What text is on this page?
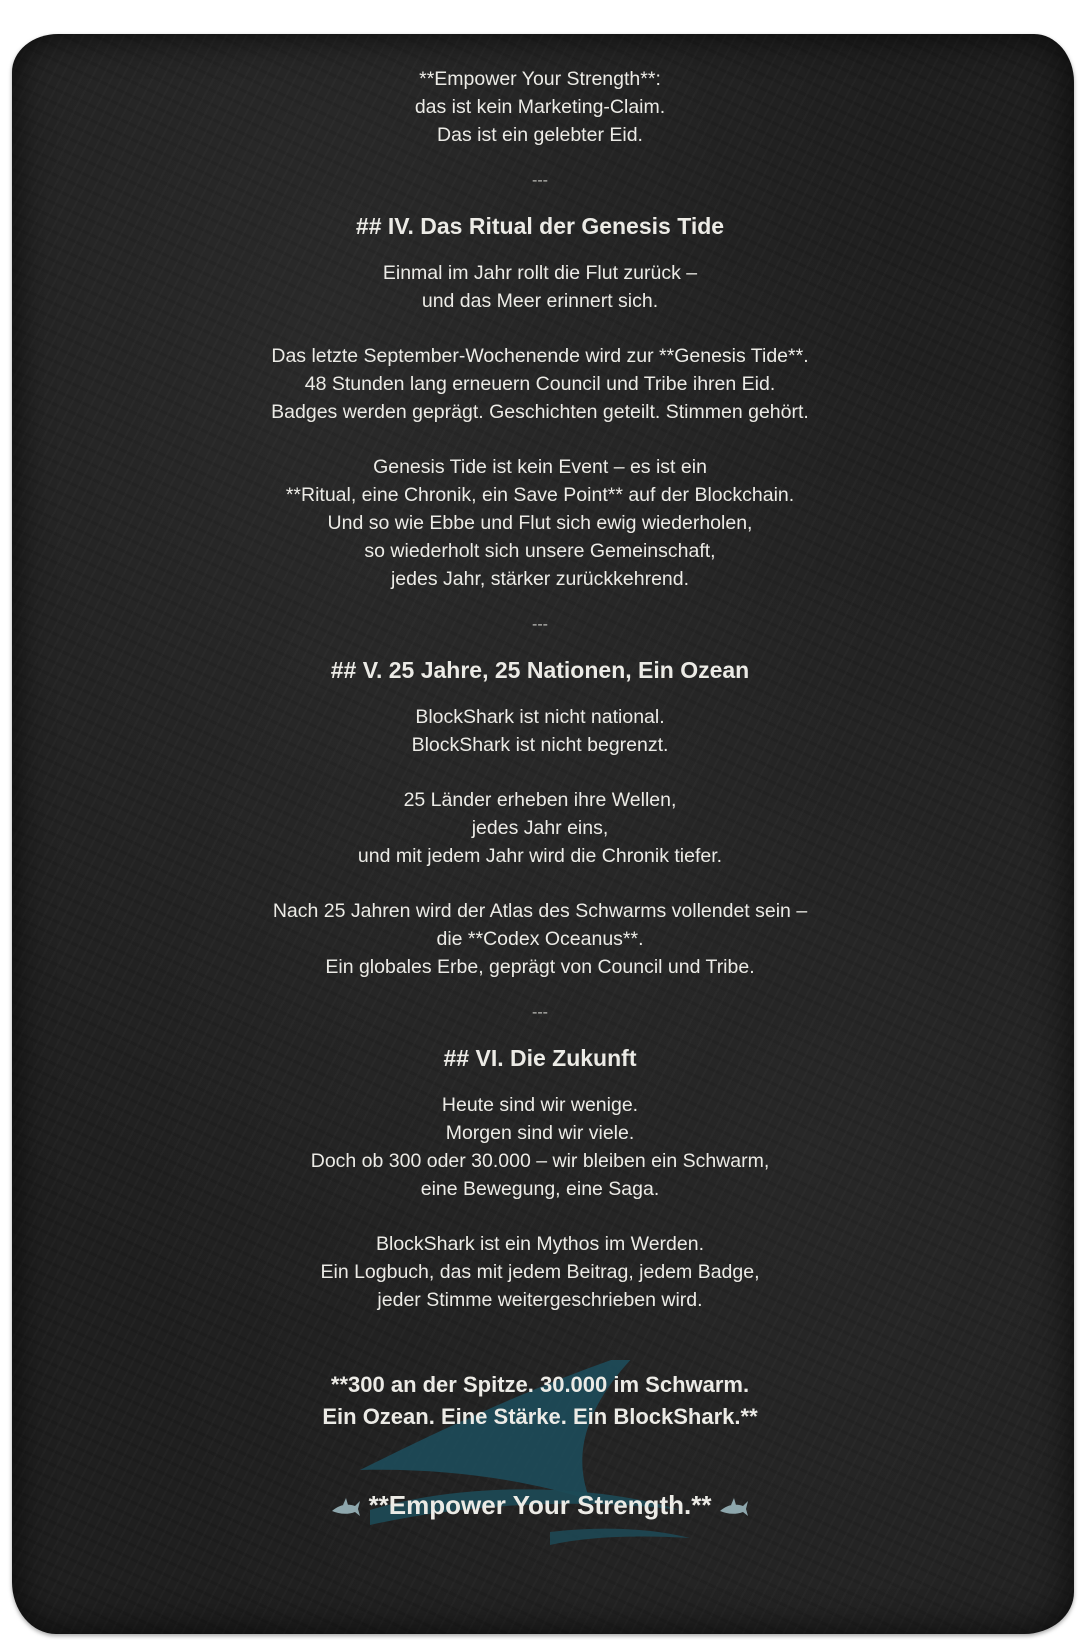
**Empower Your Strength**:
das ist kein Marketing-Claim.
Das ist ein gelebter Eid.
---
## IV. Das Ritual der Genesis Tide
Einmal im Jahr rollt die Flut zurück –
und das Meer erinnert sich.
Das letzte September-Wochenende wird zur **Genesis Tide**.
48 Stunden lang erneuern Council und Tribe ihren Eid.
Badges werden geprägt. Geschichten geteilt. Stimmen gehört.
Genesis Tide ist kein Event – es ist ein
**Ritual, eine Chronik, ein Save Point** auf der Blockchain.
Und so wie Ebbe und Flut sich ewig wiederholen,
so wiederholt sich unsere Gemeinschaft,
jedes Jahr, stärker zurückkehrend.
---
## V. 25 Jahre, 25 Nationen, Ein Ozean
BlockShark ist nicht national.
BlockShark ist nicht begrenzt.
25 Länder erheben ihre Wellen,
jedes Jahr eins,
und mit jedem Jahr wird die Chronik tiefer.
Nach 25 Jahren wird der Atlas des Schwarms vollendet sein –
die **Codex Oceanus**.
Ein globales Erbe, geprägt von Council und Tribe.
---
## VI. Die Zukunft
Heute sind wir wenige.
Morgen sind wir viele.
Doch ob 300 oder 30.000 – wir bleiben ein Schwarm,
eine Bewegung, eine Saga.
BlockShark ist ein Mythos im Werden.
Ein Logbuch, das mit jedem Beitrag, jedem Badge,
jeder Stimme weitergeschrieben wird.
**300 an der Spitze. 30.000 im Schwarm.
Ein Ozean. Eine Stärke. Ein BlockShark.**
**Empower Your Strength.**
